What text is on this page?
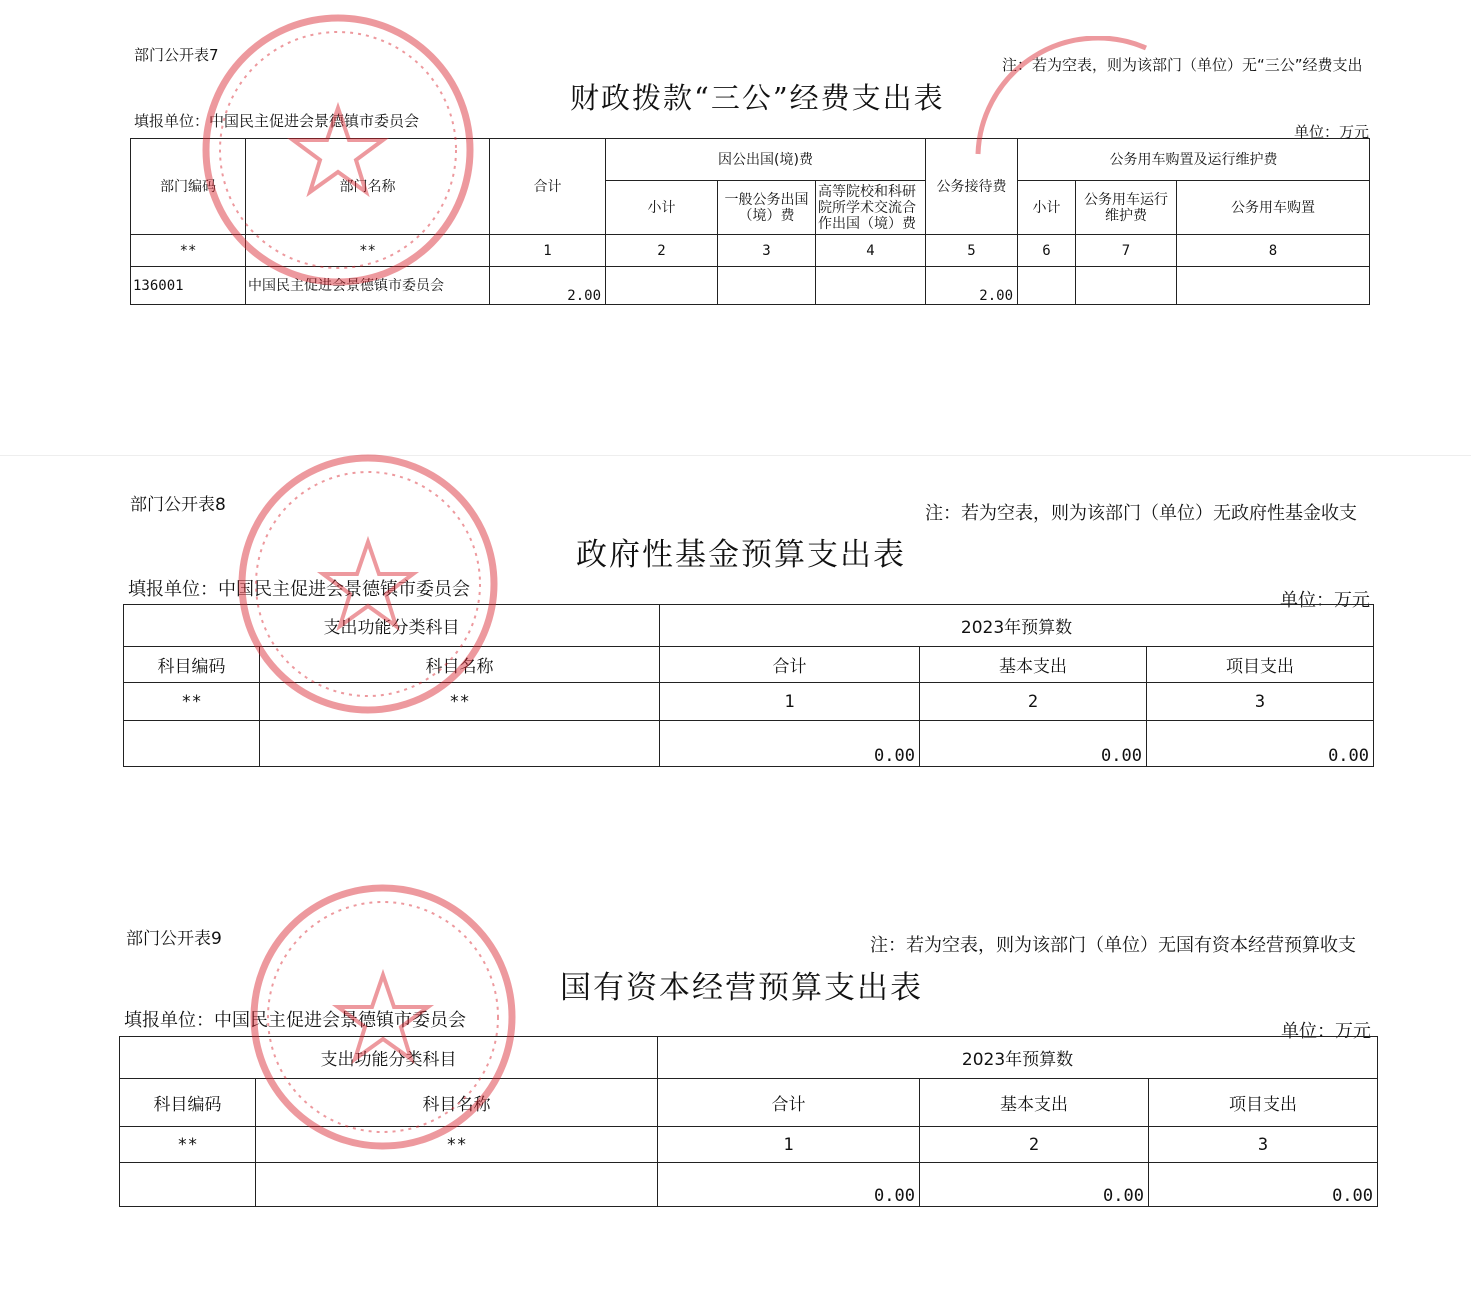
部门公开表7
注：若为空表，则为该部门（单位）无“三公”经费支出
财政拨款“三公”经费支出表
填报单位：中国民主促进会景德镇市委员会
单位：万元
部门编码	部门名称	合计	因公出国(境)费			公务接待费	公务用车购置及运行维护费		
			小计	一般公务出国（境）费	高等院校和科研院所学术交流合作出国（境）费		小计	公务用车运行维护费	公务用车购置
**	**	1	2	3	4	5	6	7	8
136001	中国民主促进会景德镇市委员会	2.00				2.00			
部门公开表8	注：若为空表，则为该部门（单位）无政府性基金收支
政府性基金预算支出表
填报单位：中国民主促进会景德镇市委员会
单位：万元
支出功能分类科目		2023年预算数		
科目编码	科目名称	合计	基本支出	项目支出
**	**	1	2	3
		0.00	0.00	0.00
部门公开表9	注：若为空表，则为该部门（单位）无国有资本经营预算收支
国有资本经营预算支出表
填报单位：中国民主促进会景德镇市委员会
单位：万元
支出功能分类科目		2023年预算数		
科目编码	科目名称	合计	基本支出	项目支出
**	**	1	2	3
		0.00	0.00	0.00
